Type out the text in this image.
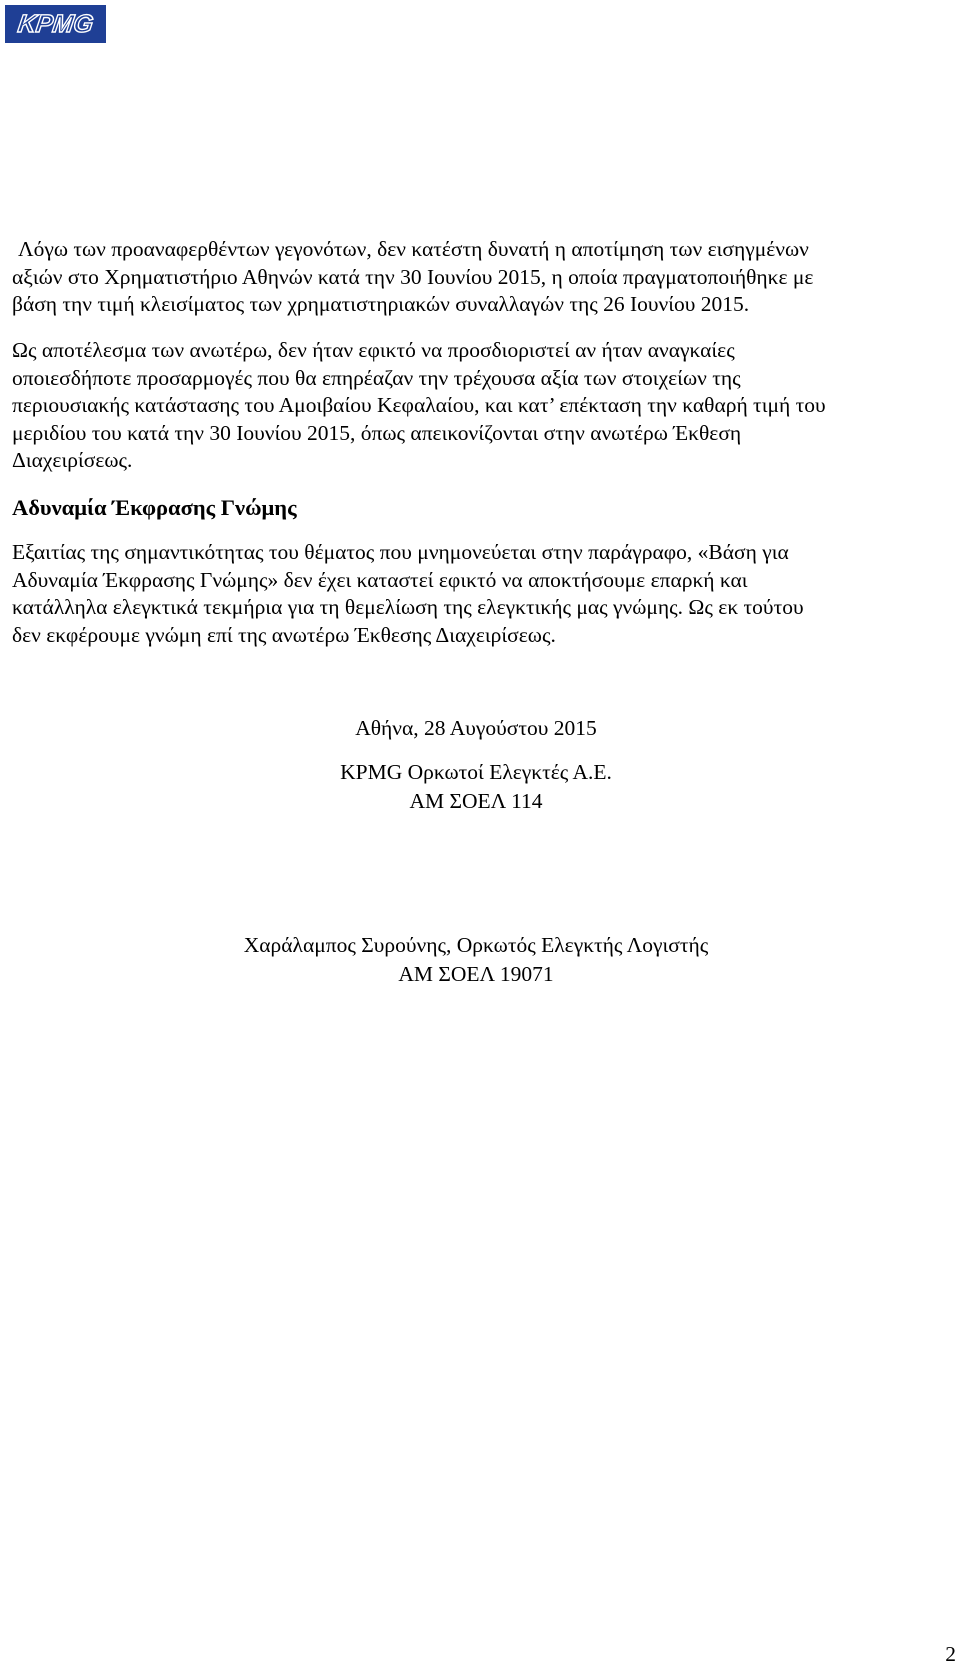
KPMG
Λόγω των προαναφερθέντων γεγονότων, δεν κατέστη δυνατή η αποτίμηση των εισηγμένων
αξιών στο Χρηματιστήριο Αθηνών κατά την 30 Ιουνίου 2015, η οποία πραγματοποιήθηκε με
βάση την τιμή κλεισίματος των χρηματιστηριακών συναλλαγών της 26 Ιουνίου 2015.
Ως αποτέλεσμα των ανωτέρω, δεν ήταν εφικτό να προσδιοριστεί αν ήταν αναγκαίες
οποιεσδήποτε προσαρμογές που θα επηρέαζαν την τρέχουσα αξία των στοιχείων της
περιουσιακής κατάστασης του Αμοιβαίου Κεφαλαίου, και κατ’ επέκταση την καθαρή τιμή του
μεριδίου του κατά την 30 Ιουνίου 2015, όπως απεικονίζονται στην ανωτέρω Έκθεση
Διαχειρίσεως.
Αδυναμία Έκφρασης Γνώμης
Εξαιτίας της σημαντικότητας του θέματος που μνημονεύεται στην παράγραφο, «Βάση για
Αδυναμία Έκφρασης Γνώμης» δεν έχει καταστεί εφικτό να αποκτήσουμε επαρκή και
κατάλληλα ελεγκτικά τεκμήρια για τη θεμελίωση της ελεγκτικής μας γνώμης. Ως εκ τούτου
δεν εκφέρουμε γνώμη επί της ανωτέρω Έκθεσης Διαχειρίσεως.
Αθήνα, 28 Αυγούστου 2015
KPMG Ορκωτοί Ελεγκτές Α.Ε.
ΑΜ ΣΟΕΛ 114
Χαράλαμπος Συρούνης, Ορκωτός Ελεγκτής Λογιστής
ΑΜ ΣΟΕΛ 19071
2
